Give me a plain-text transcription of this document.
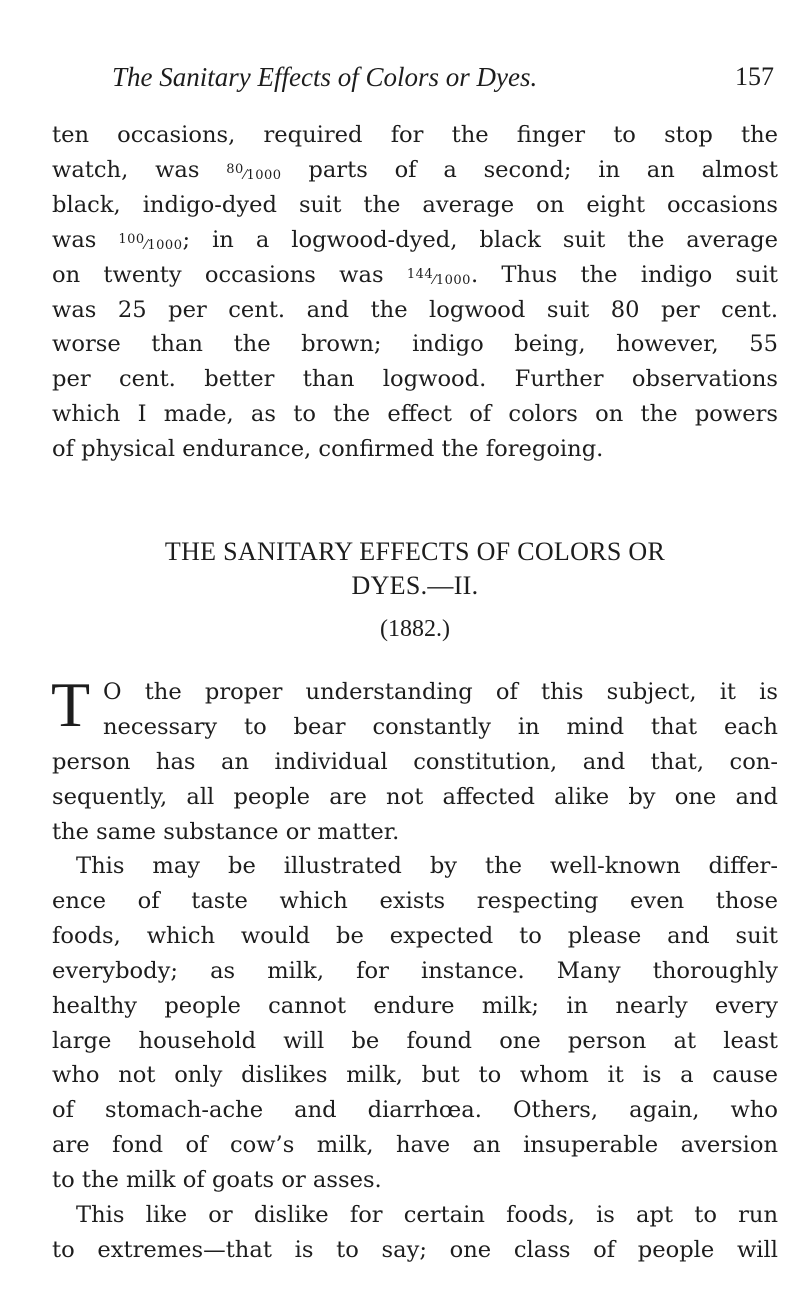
The Sanitary Effects of Colors or Dyes.	157

ten occasions, required for the finger to stop the
watch, was $^{80}$⁄1000 parts of a second; in an almost
black, indigo-dyed suit the average on eight occasions
was $^{100}$⁄1000; in a logwood-dyed, black suit the average
on twenty occasions was $^{144}$⁄1000. Thus the indigo suit
was 25 per cent. and the logwood suit 80 per cent.
worse than the brown; indigo being, however, 55
per cent. better than logwood. Further observations
which I made, as to the effect of colors on the powers
of physical endurance, confirmed the foregoing.

THE SANITARY EFFECTS OF COLORS OR
DYES.—II.
(1882.)
T O the proper understanding of this subject, it is
necessary to bear constantly in mind that each
person has an individual constitution, and that, con-
sequently, all people are not affected alike by one and
the same substance or matter.

This may be illustrated by the well-known differ-
ence of taste which exists respecting even those
foods, which would be expected to please and suit
everybody; as milk, for instance. Many thoroughly
healthy people cannot endure milk; in nearly every
large household will be found one person at least
who not only dislikes milk, but to whom it is a cause
of stomach-ache and diarrhœa. Others, again, who
are fond of cow’s milk, have an insuperable aversion
to the milk of goats or asses.

This like or dislike for certain foods, is apt to run
to extremes—that is to say; one class of people will
